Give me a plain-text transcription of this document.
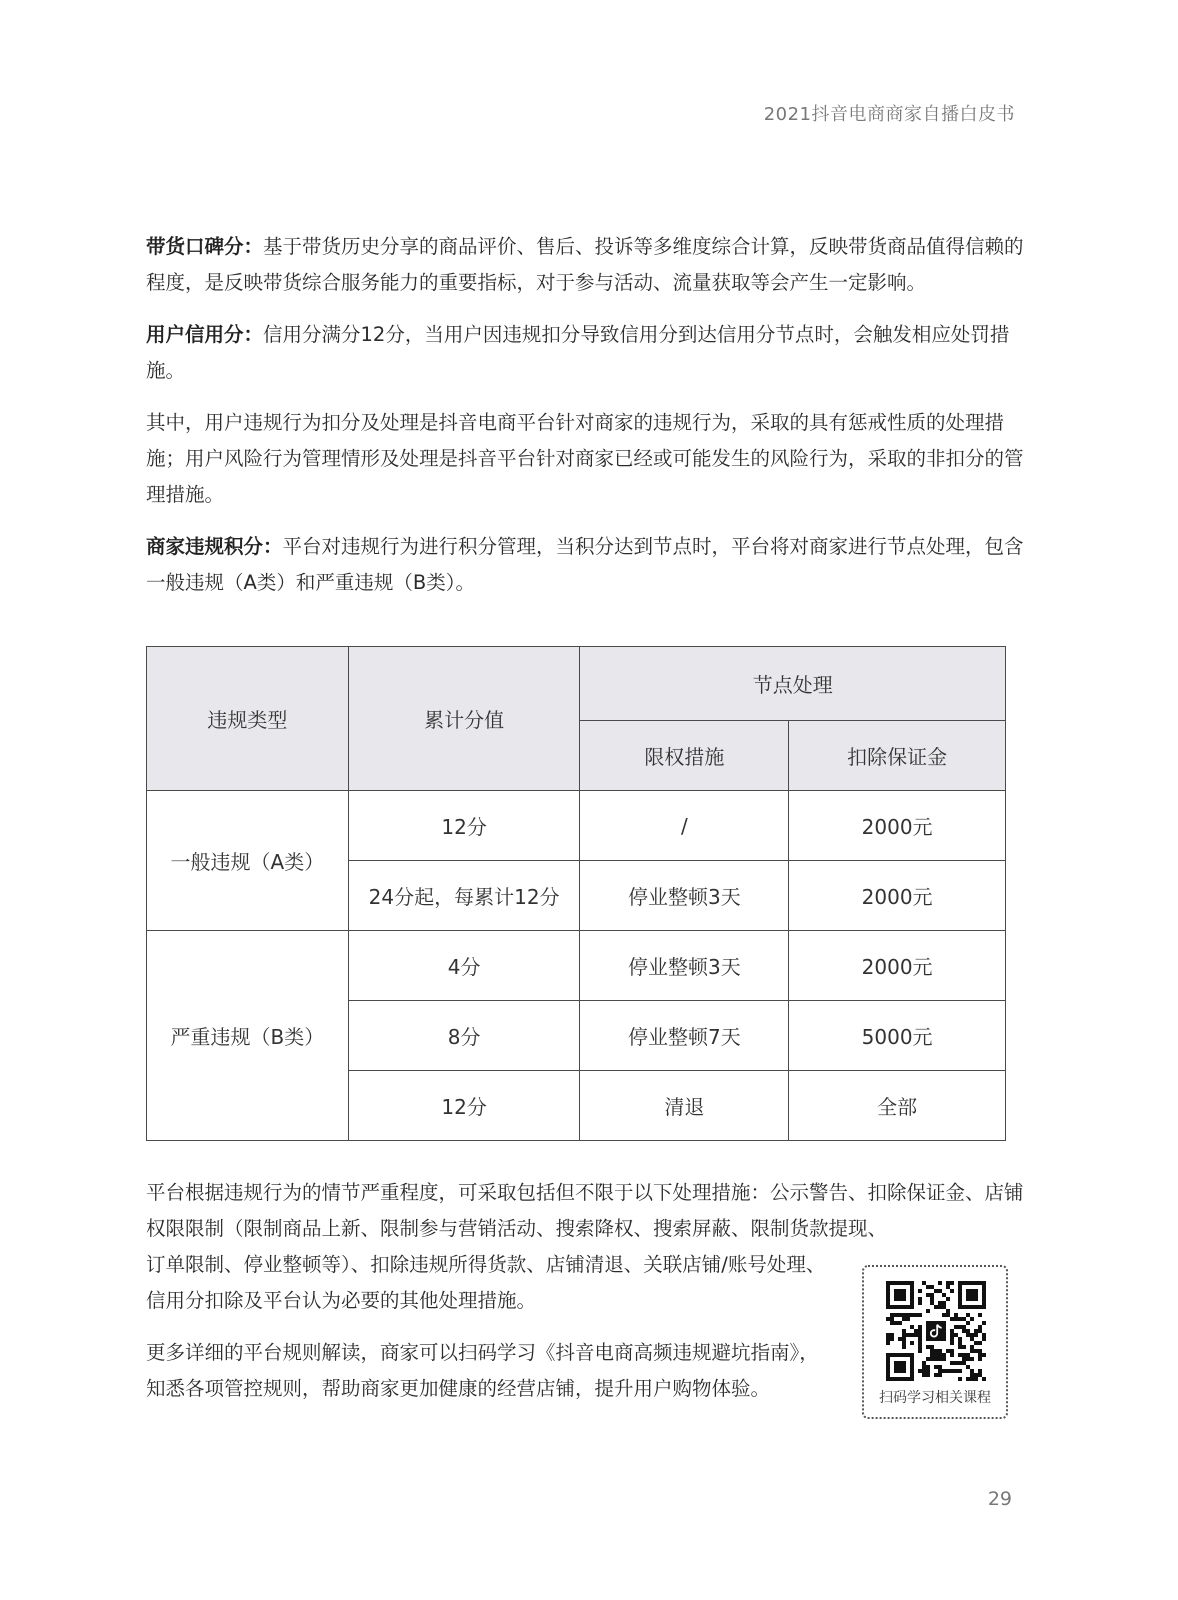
2021抖音电商商家自播白皮书

带货口碑分：基于带货历史分享的商品评价、售后、投诉等多维度综合计算，反映带货商品值得信赖的程度，是反映带货综合服务能力的重要指标，对于参与活动、流量获取等会产生一定影响。

用户信用分：信用分满分12分，当用户因违规扣分导致信用分到达信用分节点时，会触发相应处罚措施。

其中，用户违规行为扣分及处理是抖音电商平台针对商家的违规行为，采取的具有惩戒性质的处理措施；用户风险行为管理情形及处理是抖音平台针对商家已经或可能发生的风险行为，采取的非扣分的管理措施。

商家违规积分：平台对违规行为进行积分管理，当积分达到节点时，平台将对商家进行节点处理，包含一般违规（A类）和严重违规（B类）。

违规类型	累计分值	节点处理	
		限权措施	扣除保证金
一般违规（A类）	12分	/	2000元
	24分起，每累计12分	停业整顿3天	2000元
严重违规（B类）	4分	停业整顿3天	2000元
	8分	停业整顿7天	5000元
	12分	清退	全部

平台根据违规行为的情节严重程度，可采取包括但不限于以下处理措施：公示警告、扣除保证金、店铺权限限制（限制商品上新、限制参与营销活动、搜索降权、搜索屏蔽、限制货款提现、

订单限制、停业整顿等）、扣除违规所得货款、店铺清退、关联店铺/账号处理、信用分扣除及平台认为必要的其他处理措施。

更多详细的平台规则解读，商家可以扫码学习《抖音电商高频违规避坑指南》，知悉各项管控规则，帮助商家更加健康的经营店铺，提升用户购物体验。	扫码学习相关课程
29
